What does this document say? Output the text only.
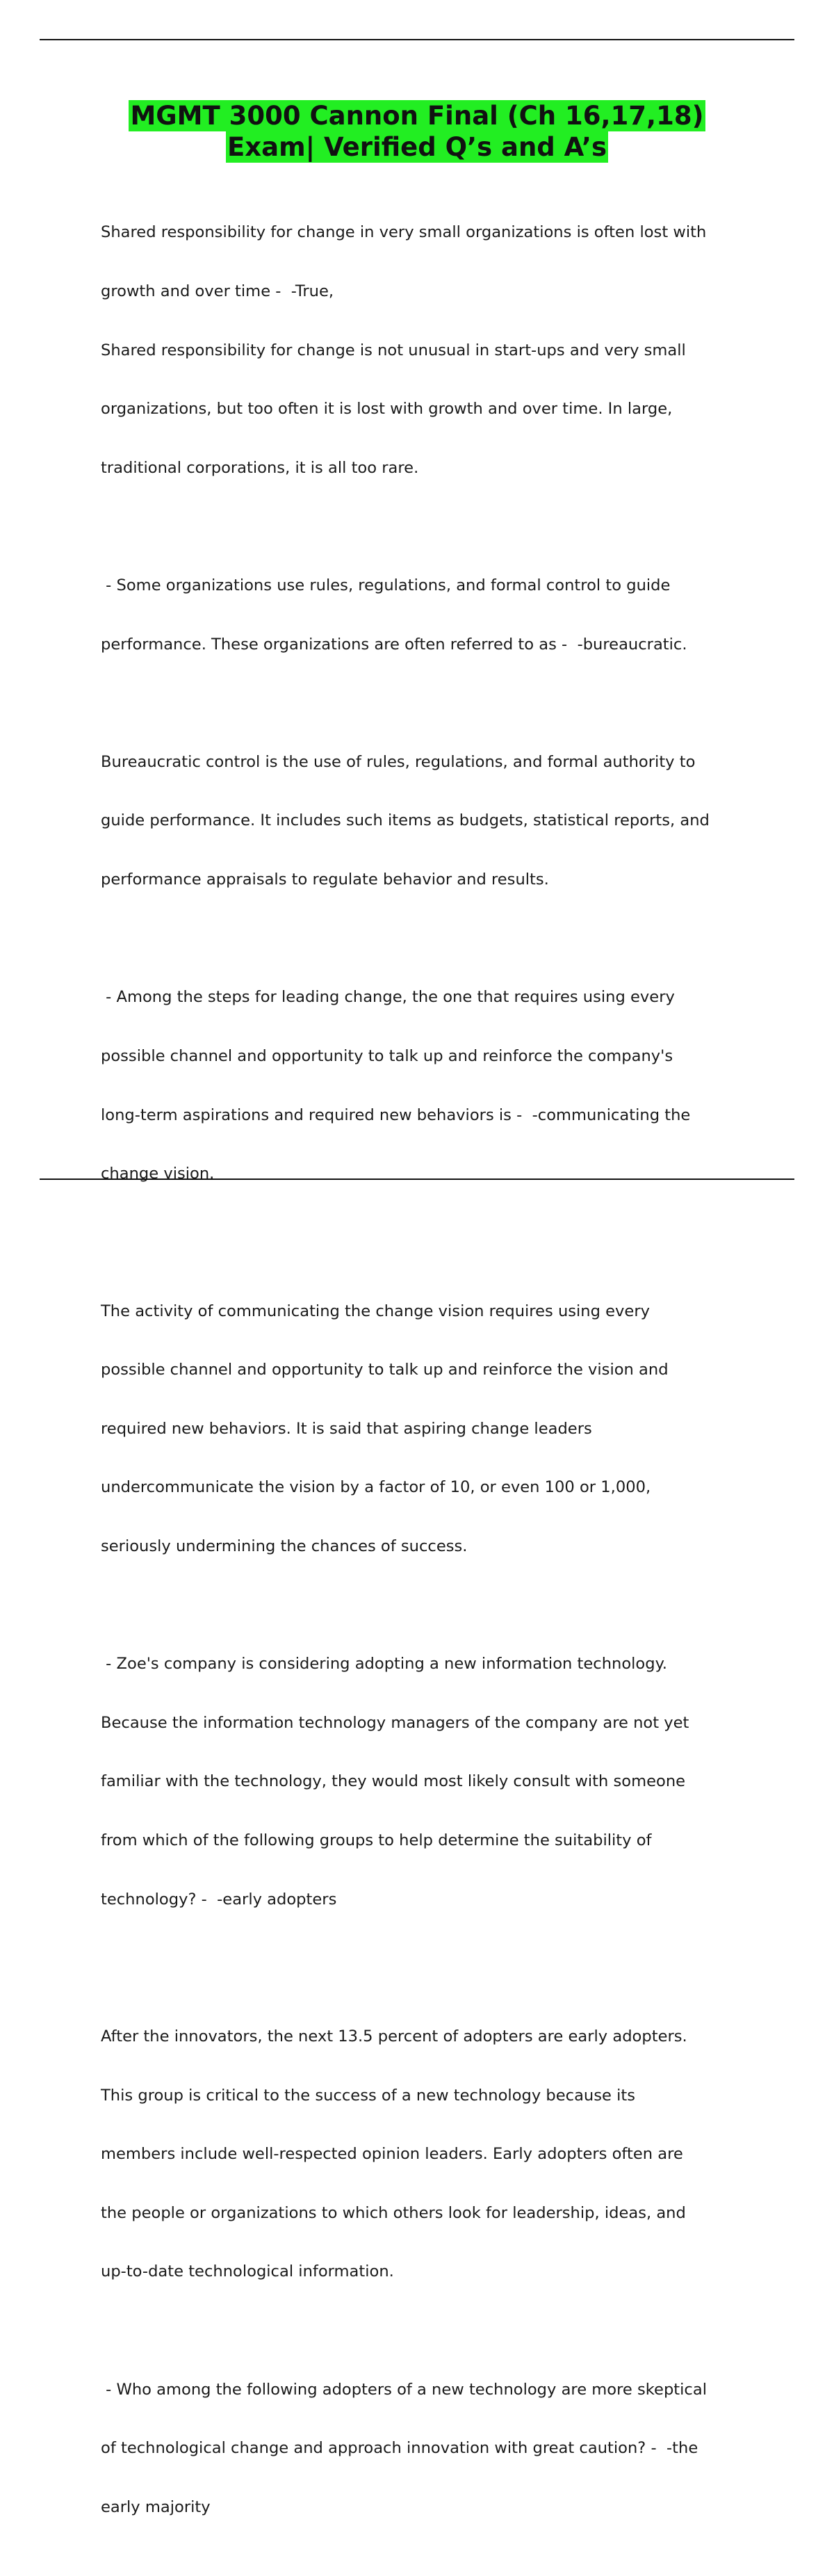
MGMT 3000 Cannon Final (Ch 16,17,18)
Exam| Verified Q’s and A’s

Shared responsibility for change in very small organizations is often lost with

growth and over time -  -True,

Shared responsibility for change is not unusual in start-ups and very small

organizations, but too often it is lost with growth and over time. In large,

traditional corporations, it is all too rare.

- Some organizations use rules, regulations, and formal control to guide

performance. These organizations are often referred to as -  -bureaucratic.

Bureaucratic control is the use of rules, regulations, and formal authority to

guide performance. It includes such items as budgets, statistical reports, and

performance appraisals to regulate behavior and results.

- Among the steps for leading change, the one that requires using every

possible channel and opportunity to talk up and reinforce the company's

long-term aspirations and required new behaviors is -  -communicating the

change vision.

The activity of communicating the change vision requires using every

possible channel and opportunity to talk up and reinforce the vision and

required new behaviors. It is said that aspiring change leaders

undercommunicate the vision by a factor of 10, or even 100 or 1,000,

seriously undermining the chances of success.

- Zoe's company is considering adopting a new information technology.

Because the information technology managers of the company are not yet

familiar with the technology, they would most likely consult with someone

from which of the following groups to help determine the suitability of

technology? -  -early adopters

After the innovators, the next 13.5 percent of adopters are early adopters.

This group is critical to the success of a new technology because its

members include well-respected opinion leaders. Early adopters often are

the people or organizations to which others look for leadership, ideas, and

up-to-date technological information.

- Who among the following adopters of a new technology are more skeptical

of technological change and approach innovation with great caution? -  -the

early majority
